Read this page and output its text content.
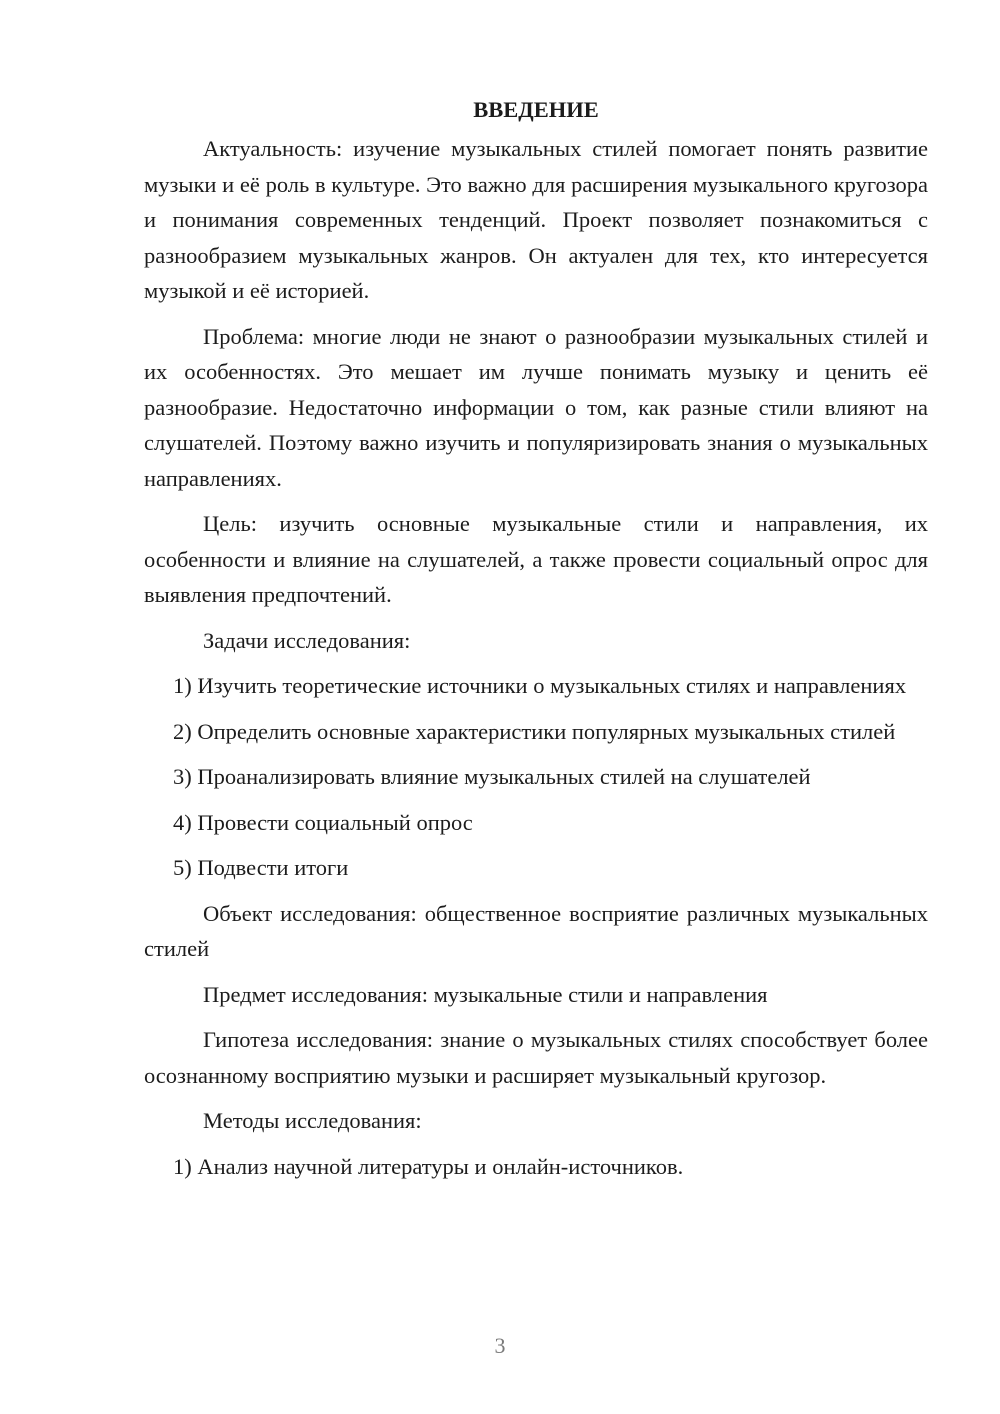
ВВЕДЕНИЕ

Актуальность: изучение музыкальных стилей помогает понять развитие музыки и её роль в культуре. Это важно для расширения музыкального кругозора и понимания современных тенденций. Проект позволяет познакомиться с разнообразием музыкальных жанров. Он актуален для тех, кто интересуется музыкой и её историей.

Проблема: многие люди не знают о разнообразии музыкальных стилей и их особенностях. Это мешает им лучше понимать музыку и ценить её разнообразие. Недостаточно информации о том, как разные стили влияют на слушателей. Поэтому важно изучить и популяризировать знания о музыкальных направлениях.

Цель: изучить основные музыкальные стили и направления, их особенности и влияние на слушателей, а также провести социальный опрос для выявления предпочтений.

Задачи исследования:

1) Изучить теоретические источники о музыкальных стилях и направлениях

2) Определить основные характеристики популярных музыкальных стилей

3) Проанализировать влияние музыкальных стилей на слушателей

4) Провести социальный опрос

5) Подвести итоги

Объект исследования: общественное восприятие различных музыкальных стилей

Предмет исследования: музыкальные стили и направления

Гипотеза исследования: знание о музыкальных стилях способствует более осознанному восприятию музыки и расширяет музыкальный кругозор.

Методы исследования:

1) Анализ научной литературы и онлайн-источников.

3
